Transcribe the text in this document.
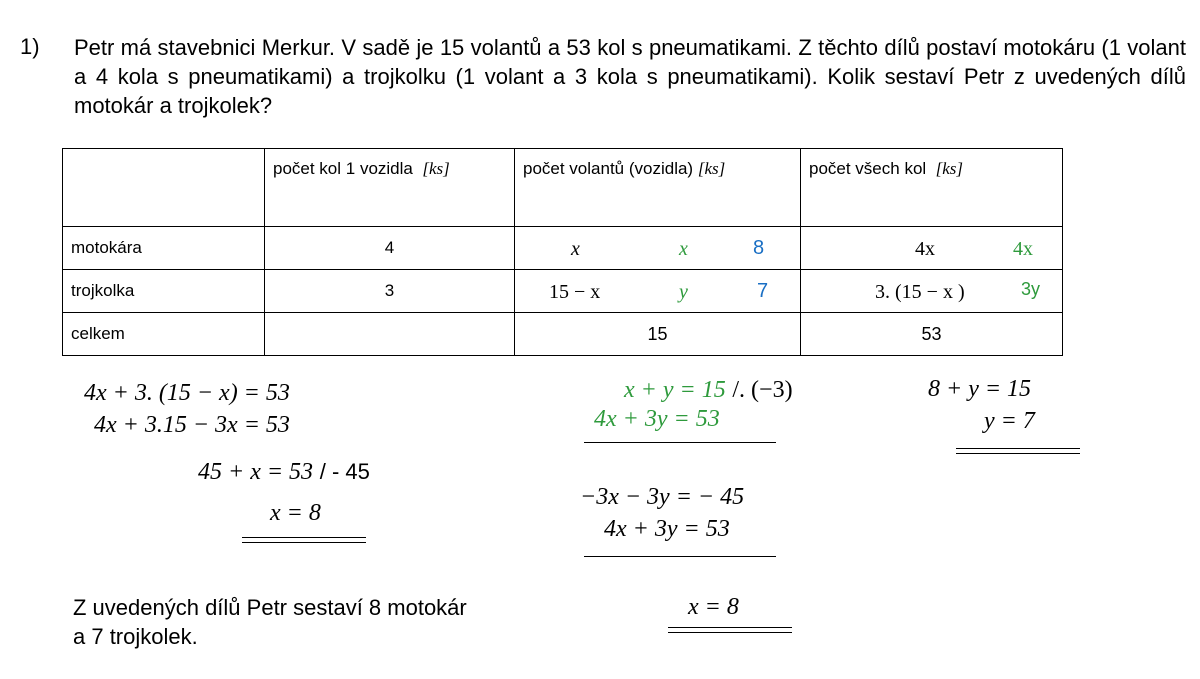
1) Petr má stavebnici Merkur. V sadě je 15 volantů a 53 kol s pneumatikami. Z těchto dílů postaví motokáru (1 volant a 4 kola s pneumatikami) a trojkolku (1 volant a 3 kola s pneumatikami). Kolik sestaví Petr z uvedených dílů motokár a trojkolek?
	počet kol 1 vozidla [ks]	počet volantů (vozidla) [ks]	počet všech kol [ks]
motokára	4	x x 8	4x 4x

trojkolka	3	15 − x y 7	3. (15 − x ) 3y

celkem		15	53
4x + 3. (15 − x) = 53
4x + 3.15 − 3x = 53
45 + x = 53 / - 45
x = 8
x + y = 15 /. (−3)
4x + 3y = 53
−3x − 3y = − 45
4x + 3y = 53
x = 8
8 + y = 15
y = 7
Z uvedených dílů Petr sestaví 8 motokár
a 7 trojkolek.
